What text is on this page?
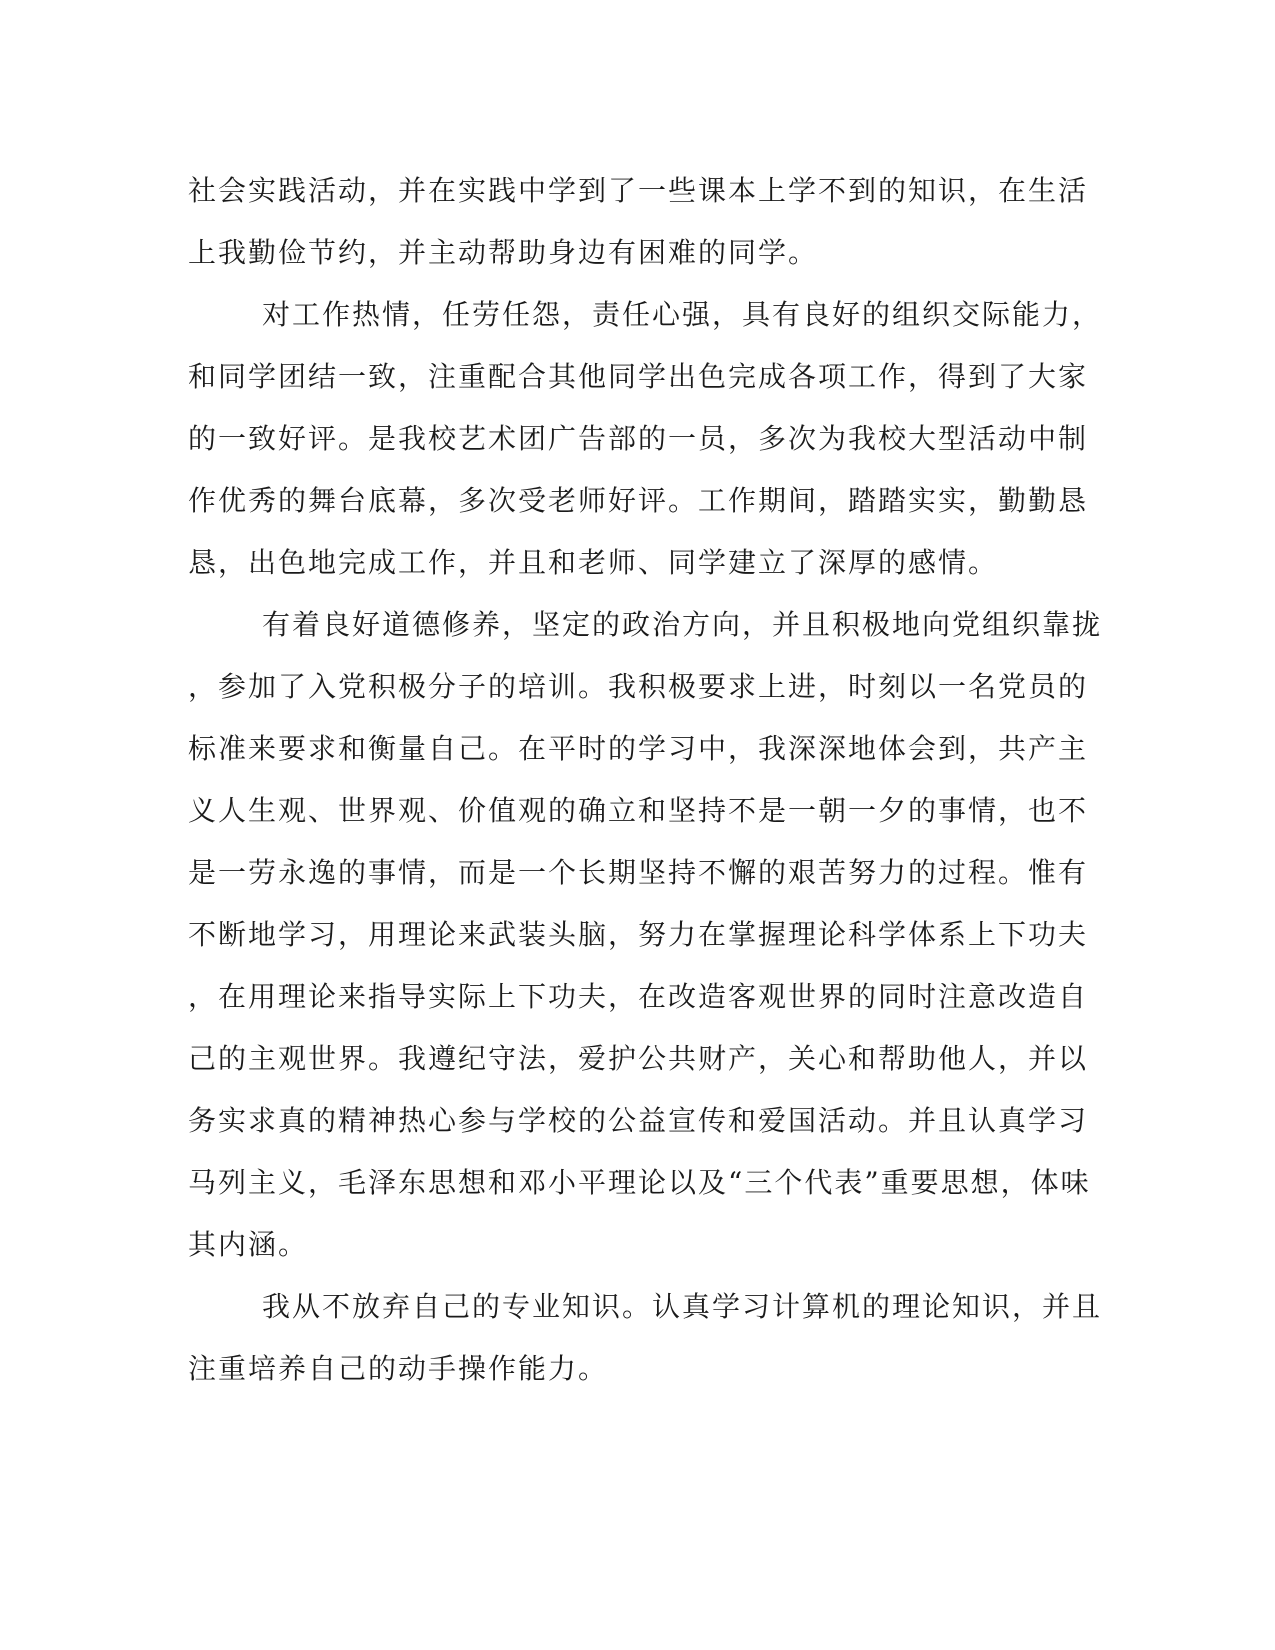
社会实践活动，并在实践中学到了一些课本上学不到的知识，在生活
上我勤俭节约，并主动帮助身边有困难的同学。
对工作热情，任劳任怨，责任心强，具有良好的组织交际能力，
和同学团结一致，注重配合其他同学出色完成各项工作，得到了大家
的一致好评。是我校艺术团广告部的一员，多次为我校大型活动中制
作优秀的舞台底幕，多次受老师好评。工作期间，踏踏实实，勤勤恳
恳，出色地完成工作，并且和老师、同学建立了深厚的感情。
有着良好道德修养，坚定的政治方向，并且积极地向党组织靠拢
，参加了入党积极分子的培训。我积极要求上进，时刻以一名党员的
标准来要求和衡量自己。在平时的学习中，我深深地体会到，共产主
义人生观、世界观、价值观的确立和坚持不是一朝一夕的事情，也不
是一劳永逸的事情，而是一个长期坚持不懈的艰苦努力的过程。惟有
不断地学习，用理论来武装头脑，努力在掌握理论科学体系上下功夫
，在用理论来指导实际上下功夫，在改造客观世界的同时注意改造自
己的主观世界。我遵纪守法，爱护公共财产，关心和帮助他人，并以
务实求真的精神热心参与学校的公益宣传和爱国活动。并且认真学习
马列主义，毛泽东思想和邓小平理论以及“三个代表”重要思想，体味
其内涵。
我从不放弃自己的专业知识。认真学习计算机的理论知识，并且
注重培养自己的动手操作能力。
